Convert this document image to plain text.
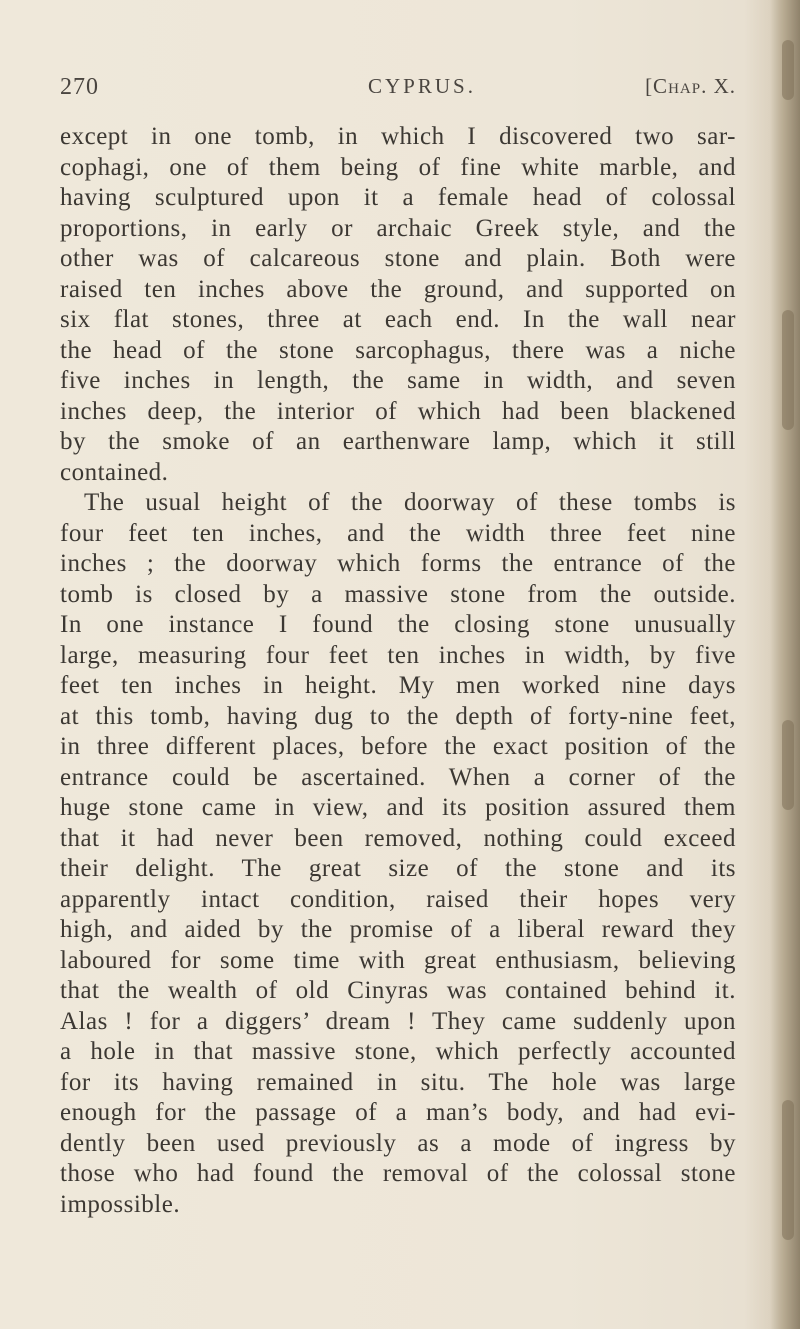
270	CYPRUS.	[Chap. X.
except in one tomb, in which I discovered two sar-
cophagi, one of them being of fine white marble, and
having sculptured upon it a female head of colossal
proportions, in early or archaic Greek style, and the
other was of calcareous stone and plain. Both were
raised ten inches above the ground, and supported on
six flat stones, three at each end. In the wall near
the head of the stone sarcophagus, there was a niche
five inches in length, the same in width, and seven
inches deep, the interior of which had been blackened
by the smoke of an earthenware lamp, which it still
contained.
The usual height of the doorway of these tombs is
four feet ten inches, and the width three feet nine
inches ; the doorway which forms the entrance of the
tomb is closed by a massive stone from the outside.
In one instance I found the closing stone unusually
large, measuring four feet ten inches in width, by five
feet ten inches in height. My men worked nine days
at this tomb, having dug to the depth of forty-nine feet,
in three different places, before the exact position of the
entrance could be ascertained. When a corner of the
huge stone came in view, and its position assured them
that it had never been removed, nothing could exceed
their delight. The great size of the stone and its
apparently intact condition, raised their hopes very
high, and aided by the promise of a liberal reward they
laboured for some time with great enthusiasm, believing
that the wealth of old Cinyras was contained behind it.
Alas ! for a diggers’ dream ! They came suddenly upon
a hole in that massive stone, which perfectly accounted
for its having remained in situ. The hole was large
enough for the passage of a man’s body, and had evi-
dently been used previously as a mode of ingress by
those who had found the removal of the colossal stone
impossible.
